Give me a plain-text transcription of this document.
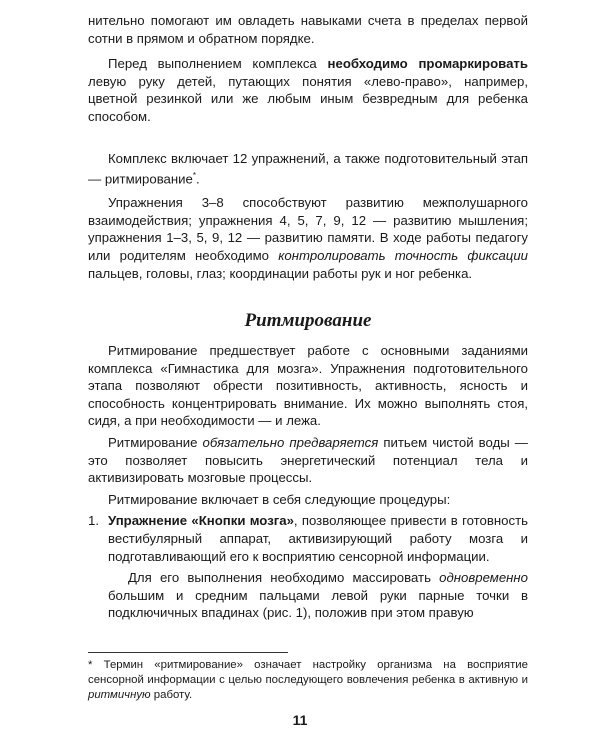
нительно помогают им овладеть навыками счета в пределах первой сотни в прямом и обратном порядке.

Перед выполнением комплекса необходимо промаркировать левую руку детей, путающих понятия «лево-право», например, цветной резинкой или же любым иным безвредным для ребенка способом.

Комплекс включает 12 упражнений, а также подготовительный этап — ритмирование*.

Упражнения 3–8 способствуют развитию межполушарного взаимодействия; упражнения 4, 5, 7, 9, 12 — развитию мышления; упражнения 1–3, 5, 9, 12 — развитию памяти. В ходе работы педагогу или родителям необходимо контролировать точность фиксации пальцев, головы, глаз; координации работы рук и ног ребенка.

Ритмирование

Ритмирование предшествует работе с основными заданиями комплекса «Гимнастика для мозга». Упражнения подготовительного этапа позволяют обрести позитивность, активность, ясность и способность концентрировать внимание. Их можно выполнять стоя, сидя, а при необходимости — и лежа.

Ритмирование обязательно предваряется питьем чистой воды — это позволяет повысить энергетический потенциал тела и активизировать мозговые процессы.

Ритмирование включает в себя следующие процедуры:

1. Упражнение «Кнопки мозга», позволяющее привести в готовность вестибулярный аппарат, активизирующий работу мозга и подготавливающий его к восприятию сенсорной информации.

Для его выполнения необходимо массировать одновременно большим и средним пальцами левой руки парные точки в подключичных впадинах (рис. 1), положив при этом правую

* Термин «ритмирование» означает настройку организма на восприятие сенсорной информации с целью последующего вовлечения ребенка в активную и ритмичную работу.

11
